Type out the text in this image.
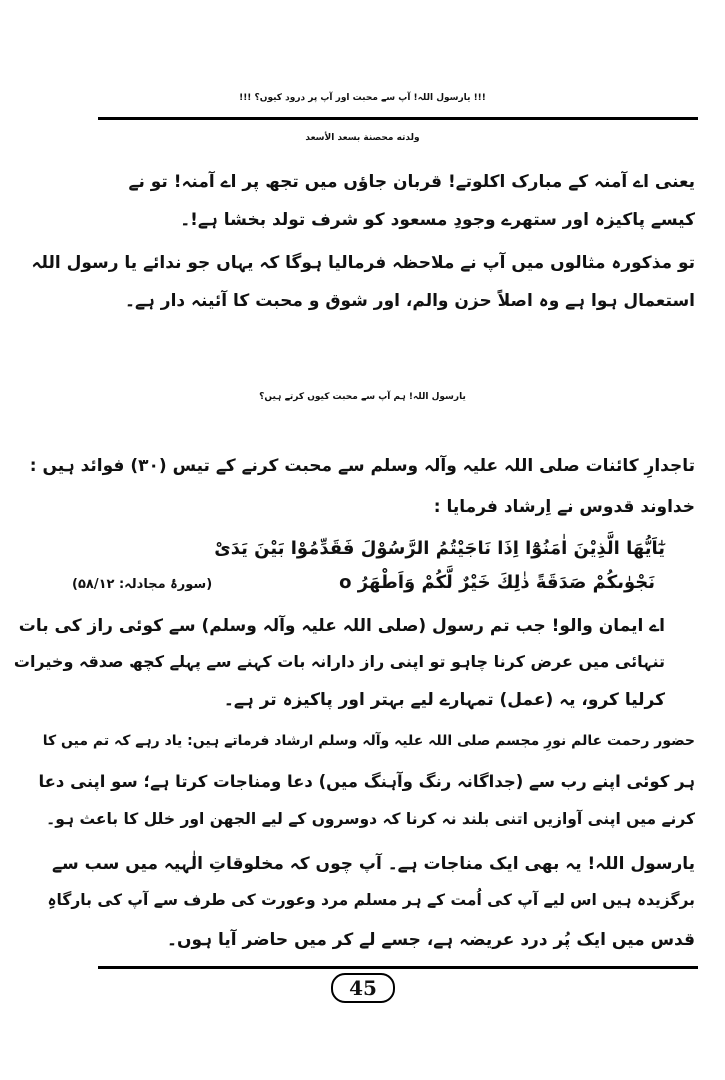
!!! یارسول اللہ! آپ سے محبت اور آپ پر درود کیوں؟ !!!
ولدته محصنة بسعد الأسعد
یعنی اے آمنہ کے مبارک اکلوتے! قربان جاؤں میں تجھ پر اے آمنہ! تو نے
کیسے پاکیزہ اور ستھرے وجودِ مسعود کو شرف تولد بخشا ہے!۔
تو مذکورہ مثالوں میں آپ نے ملاحظہ فرمالیا ہوگا کہ یہاں جو ندائے یا رسول اللہ
استعمال ہوا ہے وہ اصلاً حزن والم، اور شوق و محبت کا آئینہ دار ہے۔
یارسول اللہ! ہم آپ سے محبت کیوں کرتے ہیں؟
تاجدارِ کائنات صلی اللہ علیہ وآلہ وسلم سے محبت کرنے کے تیس (۳۰) فوائد ہیں :
خداوند قدوس نے اِرشاد فرمایا :
يٰٓاَيُّهَا الَّذِيْنَ اٰمَنُوْٓا اِذَا نَاجَيْتُمُ الرَّسُوْلَ فَقَدِّمُوْا بَيْنَ يَدَیْ
نَجْوٰىكُمْ صَدَقَةً ذٰلِكَ خَيْرٌ لَّكُمْ وَاَطْهَرُ o
(سورۂ مجادلہ: ۵۸/۱۲)
اے ایمان والو! جب تم رسول (صلی اللہ علیہ وآلہ وسلم) سے کوئی راز کی بات
تنہائی میں عرض کرنا چاہو تو اپنی راز دارانہ بات کہنے سے پہلے کچھ صدقہ وخیرات
کرلیا کرو، یہ (عمل) تمہارے لیے بہتر اور پاکیزہ تر ہے۔
حضور رحمت عالم نورِ مجسم صلی اللہ علیہ وآلہ وسلم ارشاد فرماتے ہیں: یاد رہے کہ تم میں کا
ہر کوئی اپنے رب سے (جداگانہ رنگ وآہنگ میں) دعا ومناجات کرتا ہے؛ سو اپنی دعا
کرنے میں اپنی آوازیں اتنی بلند نہ کرنا کہ دوسروں کے لیے الجھن اور خلل کا باعث ہو۔
یارسول اللہ! یہ بھی ایک مناجات ہے۔ آپ چوں کہ مخلوقاتِ الٰہیہ میں سب سے
برگزیدہ ہیں اس لیے آپ کی اُمت کے ہر مسلم مرد وعورت کی طرف سے آپ کی بارگاہِ
قدس میں ایک پُر درد عریضہ ہے، جسے لے کر میں حاضر آیا ہوں۔
45
